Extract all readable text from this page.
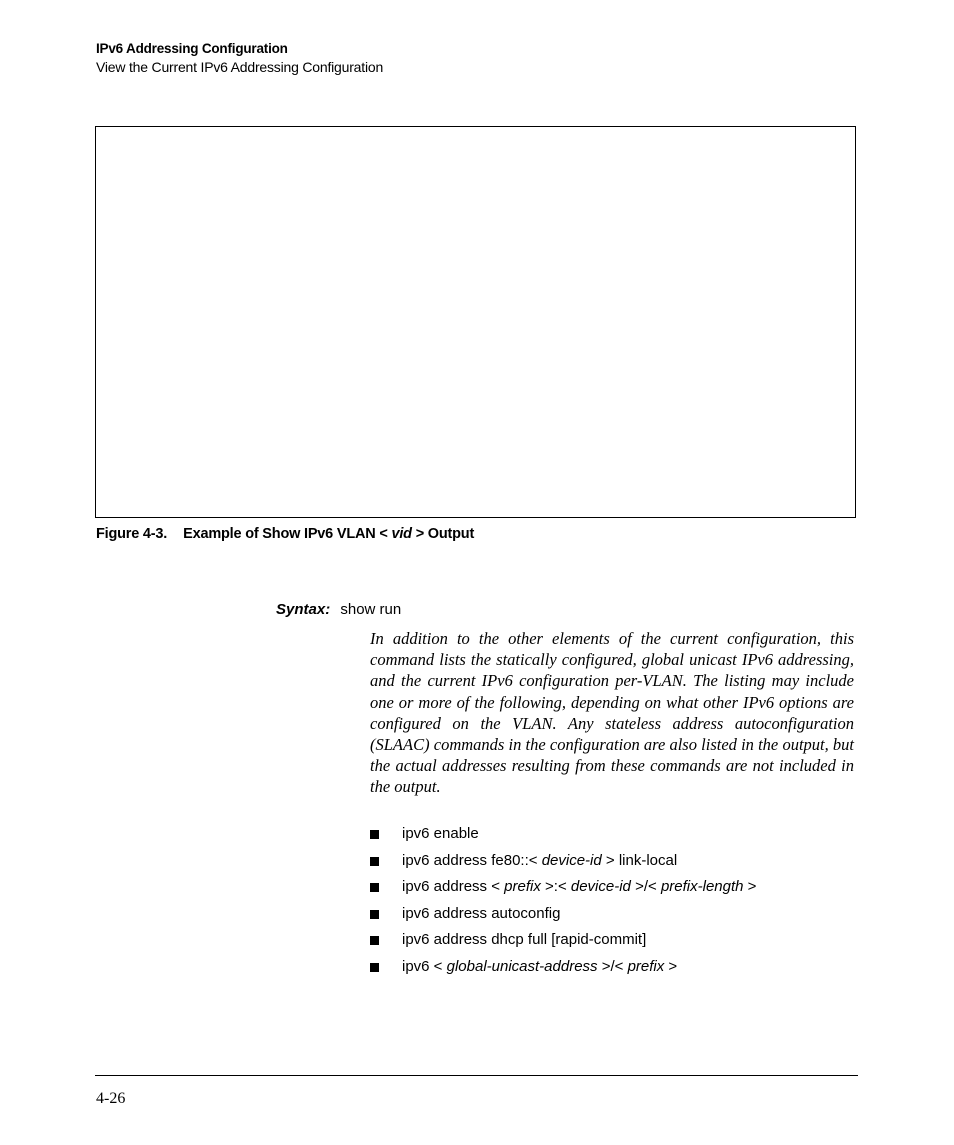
IPv6 Addressing Configuration
View the Current IPv6 Addressing Configuration
Figure 4-3. Example of Show IPv6 VLAN < vid > Output
Syntax: show run
In addition to the other elements of the current configuration, this command lists the statically configured, global unicast IPv6 addressing, and the current IPv6 configuration per-VLAN. The listing may include one or more of the following, depending on what other IPv6 options are configured on the VLAN. Any stateless address autoconfiguration (SLAAC) commands in the configuration are also listed in the output, but the actual addresses resulting from these commands are not included in the output.
ipv6 enable
ipv6 address fe80::< device-id > link-local
ipv6 address < prefix >:< device-id >/< prefix-length >
ipv6 address autoconfig
ipv6 address dhcp full [rapid-commit]
ipv6 < global-unicast-address >/< prefix >
4-26
